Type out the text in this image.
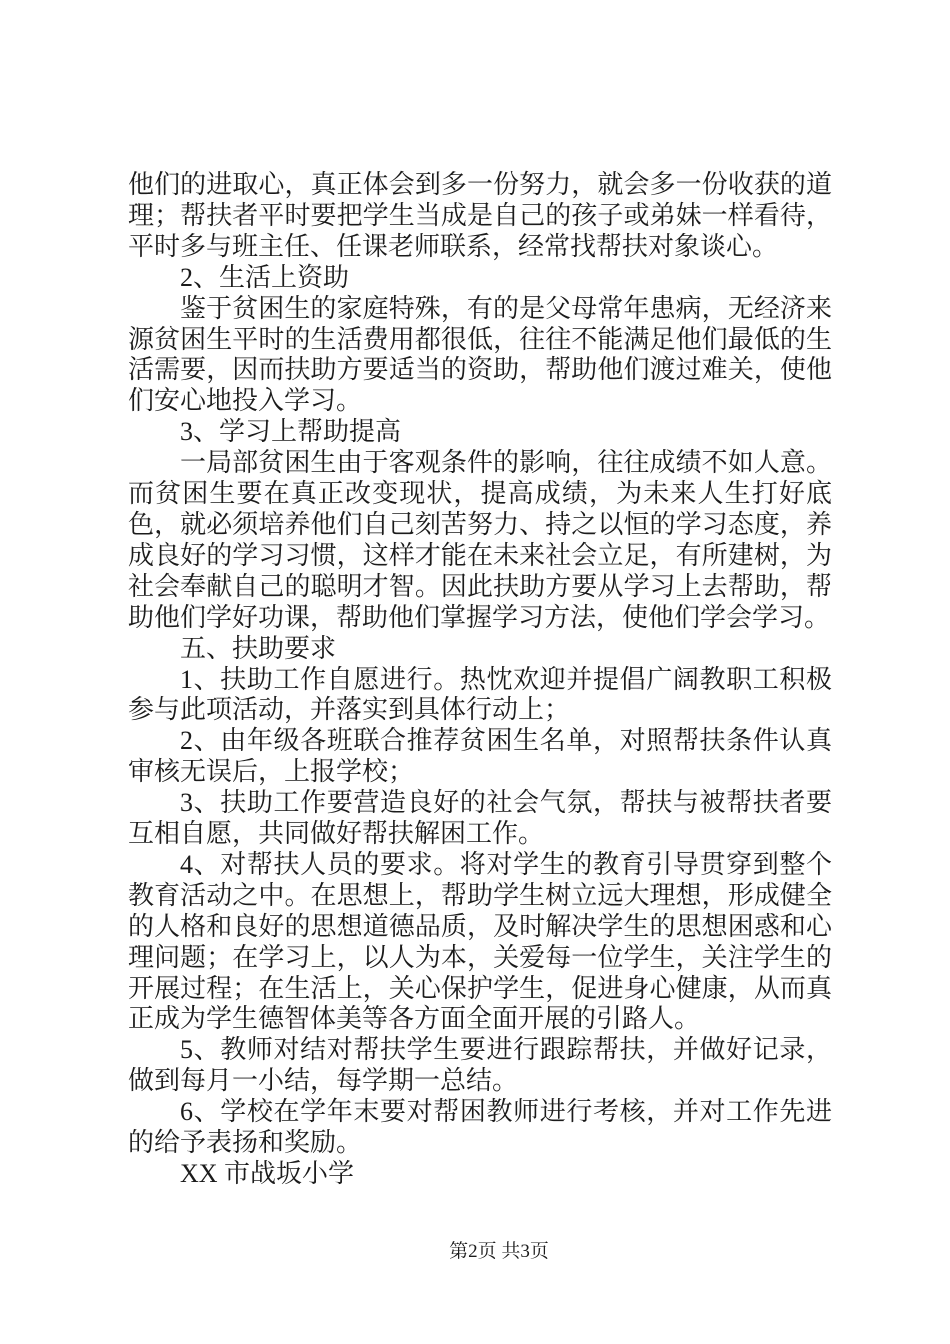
他们的进取心，真正体会到多一份努力，就会多一份收获的道理；帮扶者平时要把学生当成是自己的孩子或弟妹一样看待，平时多与班主任、任课老师联系，经常找帮扶对象谈心。

2、生活上资助

鉴于贫困生的家庭特殊，有的是父母常年患病，无经济来源贫困生平时的生活费用都很低，往往不能满足他们最低的生活需要，因而扶助方要适当的资助，帮助他们渡过难关，使他们安心地投入学习。

3、学习上帮助提高

一局部贫困生由于客观条件的影响，往往成绩不如人意。而贫困生要在真正改变现状，提高成绩，为未来人生打好底色，就必须培养他们自己刻苦努力、持之以恒的学习态度，养成良好的学习习惯，这样才能在未来社会立足，有所建树，为社会奉献自己的聪明才智。因此扶助方要从学习上去帮助，帮助他们学好功课，帮助他们掌握学习方法，使他们学会学习。

五、扶助要求

1、扶助工作自愿进行。热忱欢迎并提倡广阔教职工积极参与此项活动，并落实到具体行动上；

2、由年级各班联合推荐贫困生名单，对照帮扶条件认真审核无误后，上报学校；

3、扶助工作要营造良好的社会气氛，帮扶与被帮扶者要互相自愿，共同做好帮扶解困工作。

4、对帮扶人员的要求。将对学生的教育引导贯穿到整个教育活动之中。在思想上，帮助学生树立远大理想，形成健全的人格和良好的思想道德品质，及时解决学生的思想困惑和心理问题；在学习上，以人为本，关爱每一位学生，关注学生的开展过程；在生活上，关心保护学生，促进身心健康，从而真正成为学生德智体美等各方面全面开展的引路人。

5、教师对结对帮扶学生要进行跟踪帮扶，并做好记录，做到每月一小结，每学期一总结。

6、学校在学年末要对帮困教师进行考核，并对工作先进的给予表扬和奖励。

XX 市战坂小学

第2页 共3页
